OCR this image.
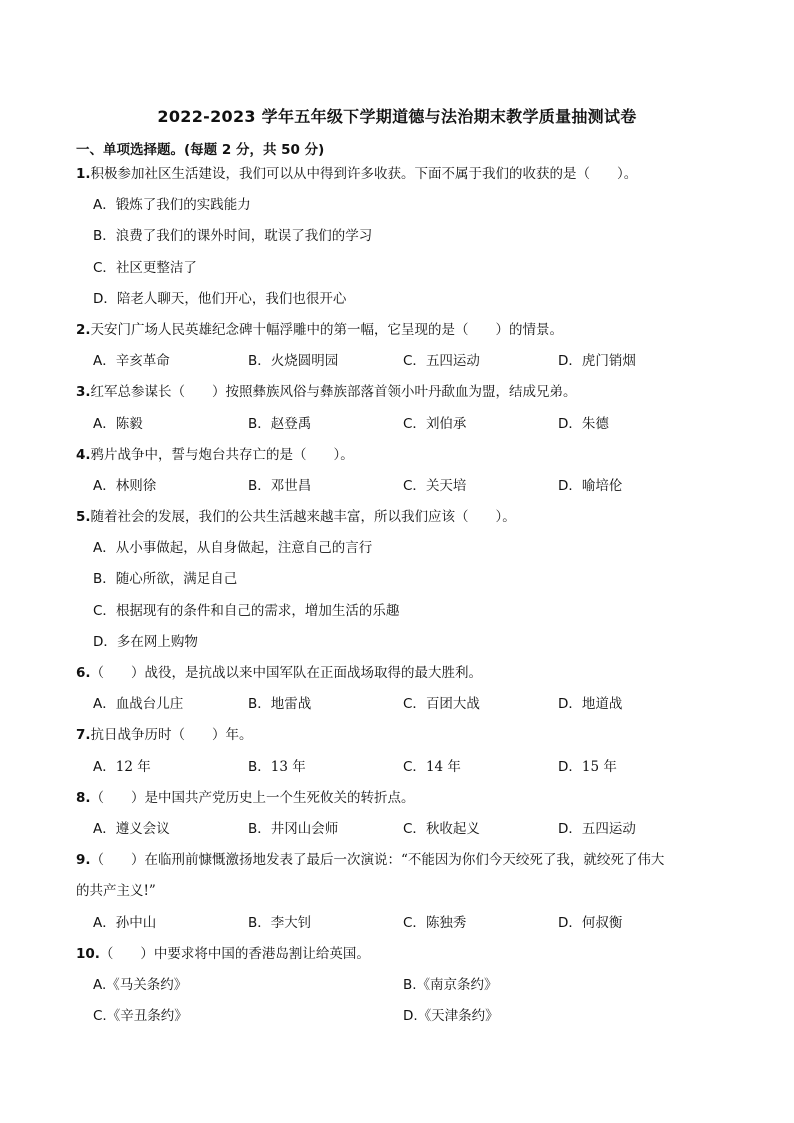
2022-2023 学年五年级下学期道德与法治期末教学质量抽测试卷
一、单项选择题。(每题 2 分，共 50 分)
1.积极参加社区生活建设，我们可以从中得到许多收获。下面不属于我们的收获的是（　　）。
A．锻炼了我们的实践能力
B．浪费了我们的课外时间，耽误了我们的学习
C．社区更整洁了
D．陪老人聊天，他们开心，我们也很开心
2.天安门广场人民英雄纪念碑十幅浮雕中的第一幅，它呈现的是（　　）的情景。
A．辛亥革命	B．火烧圆明园	C．五四运动	D．虎门销烟
3.红军总参谋长（　　）按照彝族风俗与彝族部落首领小叶丹歃血为盟，结成兄弟。
A．陈毅	B．赵登禹	C．刘伯承	D．朱德
4.鸦片战争中，誓与炮台共存亡的是（　　）。
A．林则徐	B．邓世昌	C．关天培	D．喻培伦
5.随着社会的发展，我们的公共生活越来越丰富，所以我们应该（　　）。
A．从小事做起，从自身做起，注意自己的言行
B．随心所欲，满足自己
C．根据现有的条件和自己的需求，增加生活的乐趣
D．多在网上购物
6.（　　）战役，是抗战以来中国军队在正面战场取得的最大胜利。
A．血战台儿庄	B．地雷战	C．百团大战	D．地道战
7.抗日战争历时（　　）年。
A．12 年	B．13 年	C．14 年	D．15 年
8.（　　）是中国共产党历史上一个生死攸关的转折点。
A．遵义会议	B．井冈山会师	C．秋收起义	D．五四运动
9.（　　）在临刑前慷慨激扬地发表了最后一次演说：“不能因为你们今天绞死了我，就绞死了伟大
的共产主义!”
A．孙中山	B．李大钊	C．陈独秀	D．何叔衡
10.（　　）中要求将中国的香港岛割让给英国。
A.《马关条约》	B.《南京条约》
C.《辛丑条约》	D.《天津条约》
